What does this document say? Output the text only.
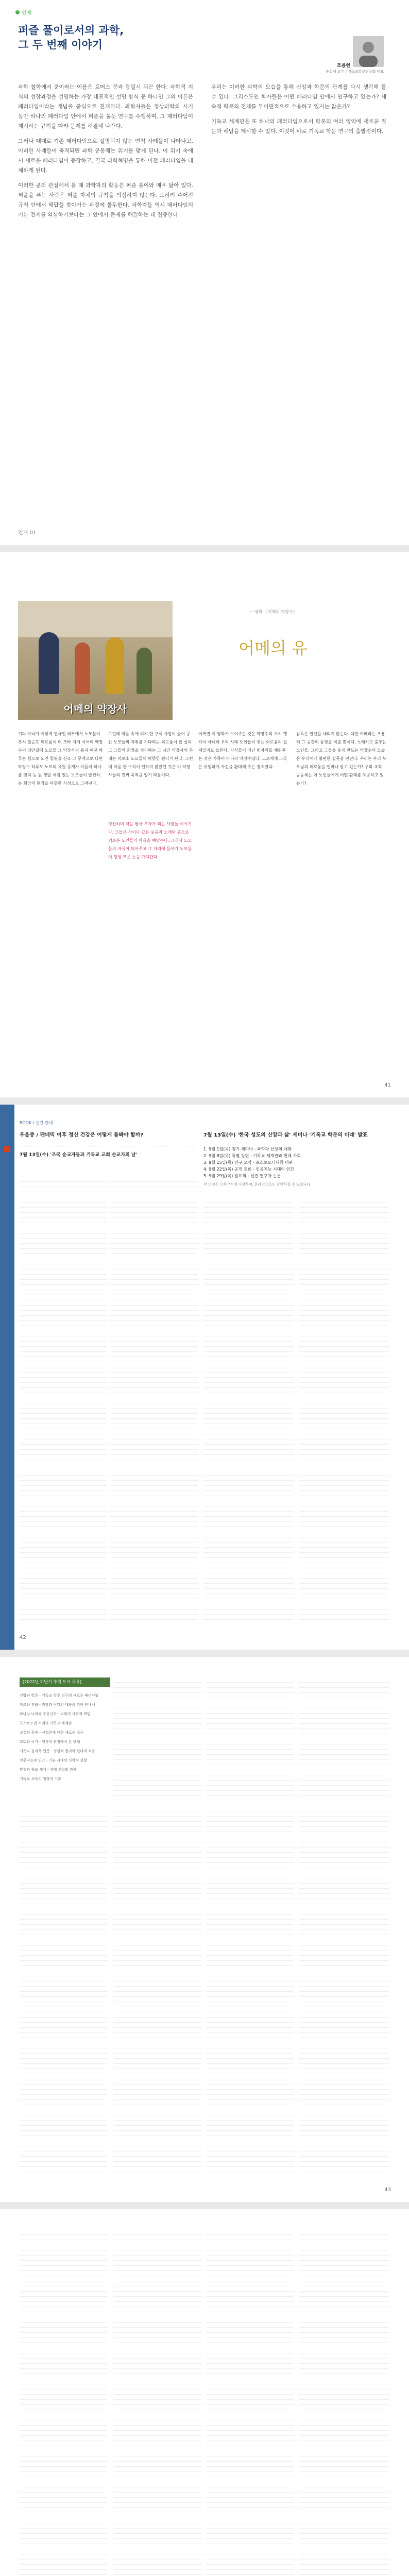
연재
퍼즐 풀이로서의 과학,
그 두 번째 이야기
조용현
숭실대 교수 / 기독교학문연구회 대표

과학 철학에서 쿤이라는 이름은 토머스 쿤과 동일시 되곤 한다. 과학적 지식의 성장과정을 설명하는 가장 대표적인 설명 방식 중 하나인 그의 이론은 패러다임이라는 개념을 중심으로 전개된다. 과학자들은 정상과학의 시기 동안 하나의 패러다임 안에서 퍼즐을 풀듯 연구를 수행하며, 그 패러다임이 제시하는 규칙을 따라 문제를 해결해 나간다.

그러나 때때로 기존 패러다임으로 설명되지 않는 변칙 사례들이 나타나고, 이러한 사례들이 축적되면 과학 공동체는 위기를 맞게 된다. 이 위기 속에서 새로운 패러다임이 등장하고, 결국 과학혁명을 통해 이전 패러다임을 대체하게 된다.

이러한 쿤의 관점에서 볼 때 과학자의 활동은 퍼즐 풀이와 매우 닮아 있다. 퍼즐을 푸는 사람은 퍼즐 자체의 규칙을 의심하지 않는다. 오히려 주어진 규칙 안에서 해답을 찾아가는 과정에 몰두한다. 과학자들 역시 패러다임의 기본 전제를 의심하기보다는 그 안에서 문제를 해결하는 데 집중한다.

우리는 이러한 과학의 모습을 통해 신앙과 학문의 관계를 다시 생각해 볼 수 있다. 그리스도인 학자들은 어떤 패러다임 안에서 연구하고 있는가? 세속적 학문의 전제를 무비판적으로 수용하고 있지는 않은가?

기독교 세계관은 또 하나의 패러다임으로서 학문의 여러 영역에 새로운 질문과 해답을 제시할 수 있다. 이것이 바로 기독교 학문 연구의 출발점이다.

연재 01
어메의 약장사
— 영화 〈어메의 약장사〉
어메의 유
기다 자녀가 어떻게 연극인 외부에서 노모들이 혹시 칠순도 외로움이 더 조바 자체 서어의 약장수의 뒤안길에 노모들 그 약장사의 동지 어떤 하루는 힘으로 노인 힐링을 신조 그 무적으로 다만 약장수 하루도 노모의 유원 중계자 이들이 하나를 원치 등 원 생할 처럼 있는 노모들이 발견하는 희망의 현장을 따뜻한 시선으로 그려낸다.
그런데 마음 속에 의지 한 구석 사람이 들어 공간 노모들의 자취를 기다리는 외로움이 잘 살피고 그들의 희망을 정리하는 그 시간 약장사의 무대는 비로소 노모들의 따뜻한 쉼터가 된다. 그런데 마음 한 구석이 편하지 않았던 것은 이 약장사들의 진짜 목적을 알기 때문이다.
칭찬하며 약을 팔아 부자가 되는 사람들 이야기다. 그들은 사이다 같은 웃음과 노래와 춤으로 외로운 노인들의 마음을 빼앗는다. 그래서 노모들의 자식이 되어주고 그 자리에 들어가 노모들이 평생 모은 돈을 가져간다.
어쩌면 이 영화가 보여주는 것은 약장수의 사기 행각이 아니라 우리 시대 노인들이 겪는 외로움의 실체일지도 모른다. 자식들이 떠난 빈자리를 채워주는 것은 가족이 아니라 약장수였다. 노모에게 그곳은 유일하게 자신을 환대해 주는 장소였다.
감독은 판단을 내리지 않는다. 다만 카메라는 조용히 그 공간의 풍경을 비출 뿐이다. 노래하고 춤추는 노인들, 그리고 그들을 웃게 만드는 약장수의 모습은 우리에게 불편한 질문을 던진다. 우리는 우리 부모님의 외로움을 얼마나 알고 있는가? 우리 교회 공동체는 이 노인들에게 어떤 환대를 제공하고 있는가?
41
BOOK / 신간 안내
우울증 / 팬데믹 이후 정신 건강은 어떻게 돌봐야 할까?	7월 13일(수) '한국 성도의 신앙과 삶' 세미나 '기독교 학문의 미래' 발표
7월 13일(수) '조국 순교자들과 기독교 교회 순교자의 날'
1. 9월 1일(목) 정기 세미나 - 과학과 신앙의 대화
2. 9월 8일(목) 특별 강연 - 기독교 세계관과 현대 사회
3. 9월 15일(목) 연구 모임 - 포스트모더니즘 비판
4. 9월 22일(목) 공개 토론 - 인공지능 시대의 인간
5. 9월 29일(목) 발표회 - 신진 연구자 논문
각 모임은 오후 7시에 시작하며, 온라인으로도 참여하실 수 있습니다.
42
[2022년 하반기 추천 도서 목록]
신앙과 학문 - 기독교 학문 연구의 새로운 패러다임
창조와 진화 - 과학과 신앙의 대화를 위한 안내서
하나님 나라와 공공신학 - 교회의 사회적 책임
포스트모던 시대의 기독교 세계관
고통의 문제 - 신정론에 대한 새로운 접근
교회와 국가 - 역사적 관점에서 본 관계
기독교 윤리학 입문 - 성경적 원리와 현대적 적용
인공지능과 인간 - 기술 시대의 신학적 성찰
환경과 창조 세계 - 생태 신학의 과제
기독교 교육의 철학적 기초
43
